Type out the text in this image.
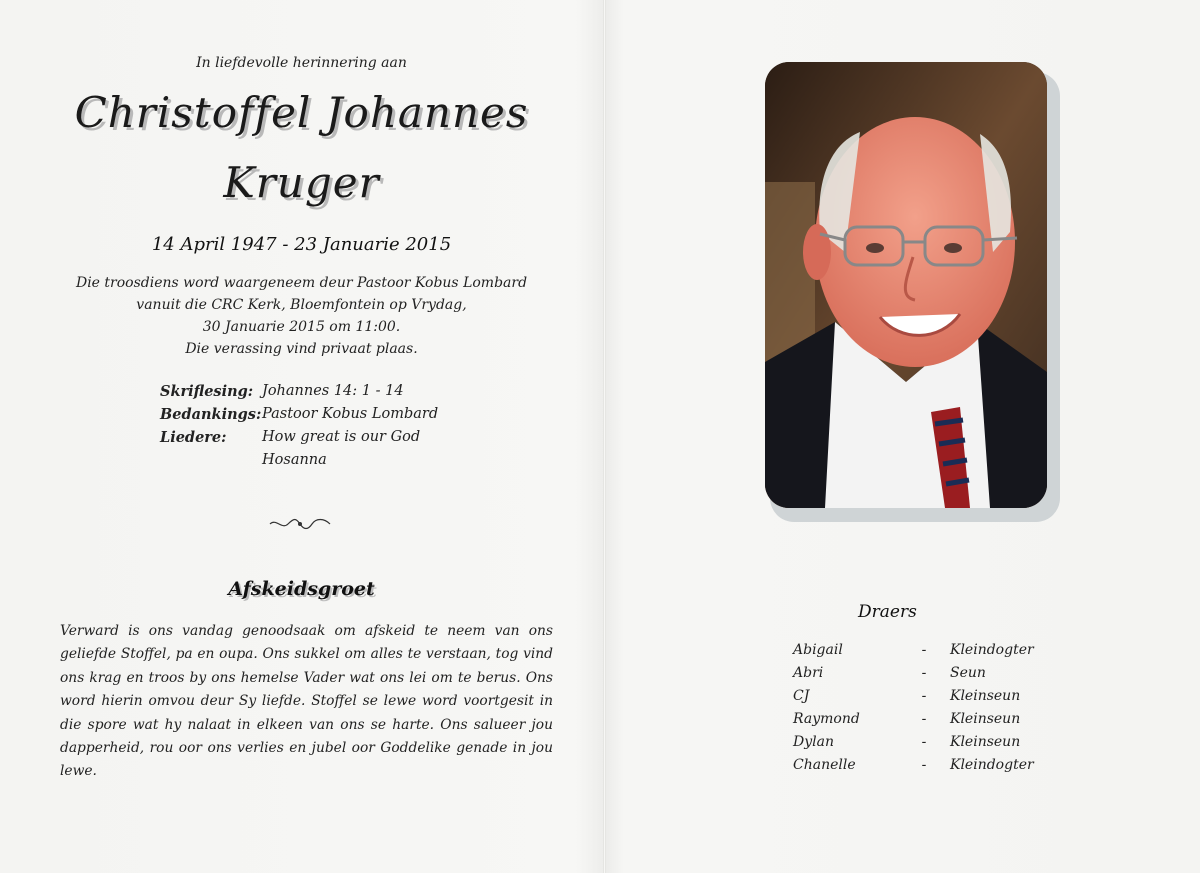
In liefdevolle herinnering aan
Christoffel Johannes
Kruger
14 April 1947 - 23 Januarie 2015
Die troosdiens word waargeneem deur Pastoor Kobus Lombard
vanuit die CRC Kerk, Bloemfontein op Vrydag,
30 Januarie 2015 om 11:00.
Die verassing vind privaat plaas.
Skriflesing: Johannes 14: 1 - 14
Bedankings: Pastoor Kobus Lombard
Liedere:	How great is our God
Hosanna
Afskeidsgroet
Verward is ons vandag genoodsaak om afskeid te neem van ons geliefde Stoffel, pa en oupa. Ons sukkel om alles te verstaan, tog vind ons krag en troos by ons hemelse Vader wat ons lei om te berus. Ons word hierin omvou deur Sy liefde. Stoffel se lewe word voortgesit in die spore wat hy nalaat in elkeen van ons se harte. Ons salueer jou dapperheid, rou oor ons verlies en jubel oor Goddelike genade in jou lewe.
Draers
Abigail	-	Kleindogter
Abri	-	Seun
CJ	-	Kleinseun
Raymond	-	Kleinseun
Dylan	-	Kleinseun
Chanelle	-	Kleindogter
